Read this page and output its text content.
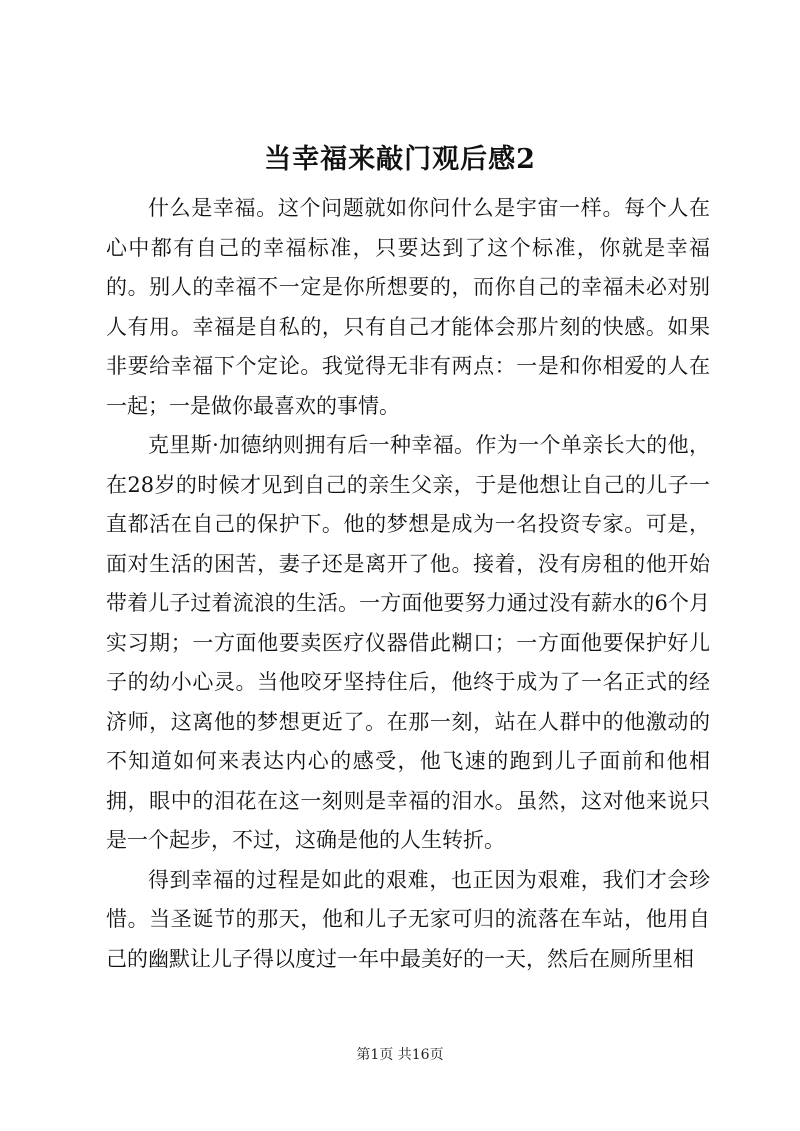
当幸福来敲门观后感2

什么是幸福。这个问题就如你问什么是宇宙一样。每个人在心中都有自己的幸福标准，只要达到了这个标准，你就是幸福的。别人的幸福不一定是你所想要的，而你自己的幸福未必对别人有用。幸福是自私的，只有自己才能体会那片刻的快感。如果非要给幸福下个定论。我觉得无非有两点：一是和你相爱的人在一起；一是做你最喜欢的事情。

克里斯·加德纳则拥有后一种幸福。作为一个单亲长大的他，在28岁的时候才见到自己的亲生父亲，于是他想让自己的儿子一直都活在自己的保护下。他的梦想是成为一名投资专家。可是，面对生活的困苦，妻子还是离开了他。接着，没有房租的他开始带着儿子过着流浪的生活。一方面他要努力通过没有薪水的6个月实习期；一方面他要卖医疗仪器借此糊口；一方面他要保护好儿子的幼小心灵。当他咬牙坚持住后，他终于成为了一名正式的经济师，这离他的梦想更近了。在那一刻，站在人群中的他激动的不知道如何来表达内心的感受，他飞速的跑到儿子面前和他相拥，眼中的泪花在这一刻则是幸福的泪水。虽然，这对他来说只是一个起步，不过，这确是他的人生转折。

得到幸福的过程是如此的艰难，也正因为艰难，我们才会珍惜。当圣诞节的那天，他和儿子无家可归的流落在车站，他用自己的幽默让儿子得以度过一年中最美好的一天，然后在厕所里相

第1页 共16页
